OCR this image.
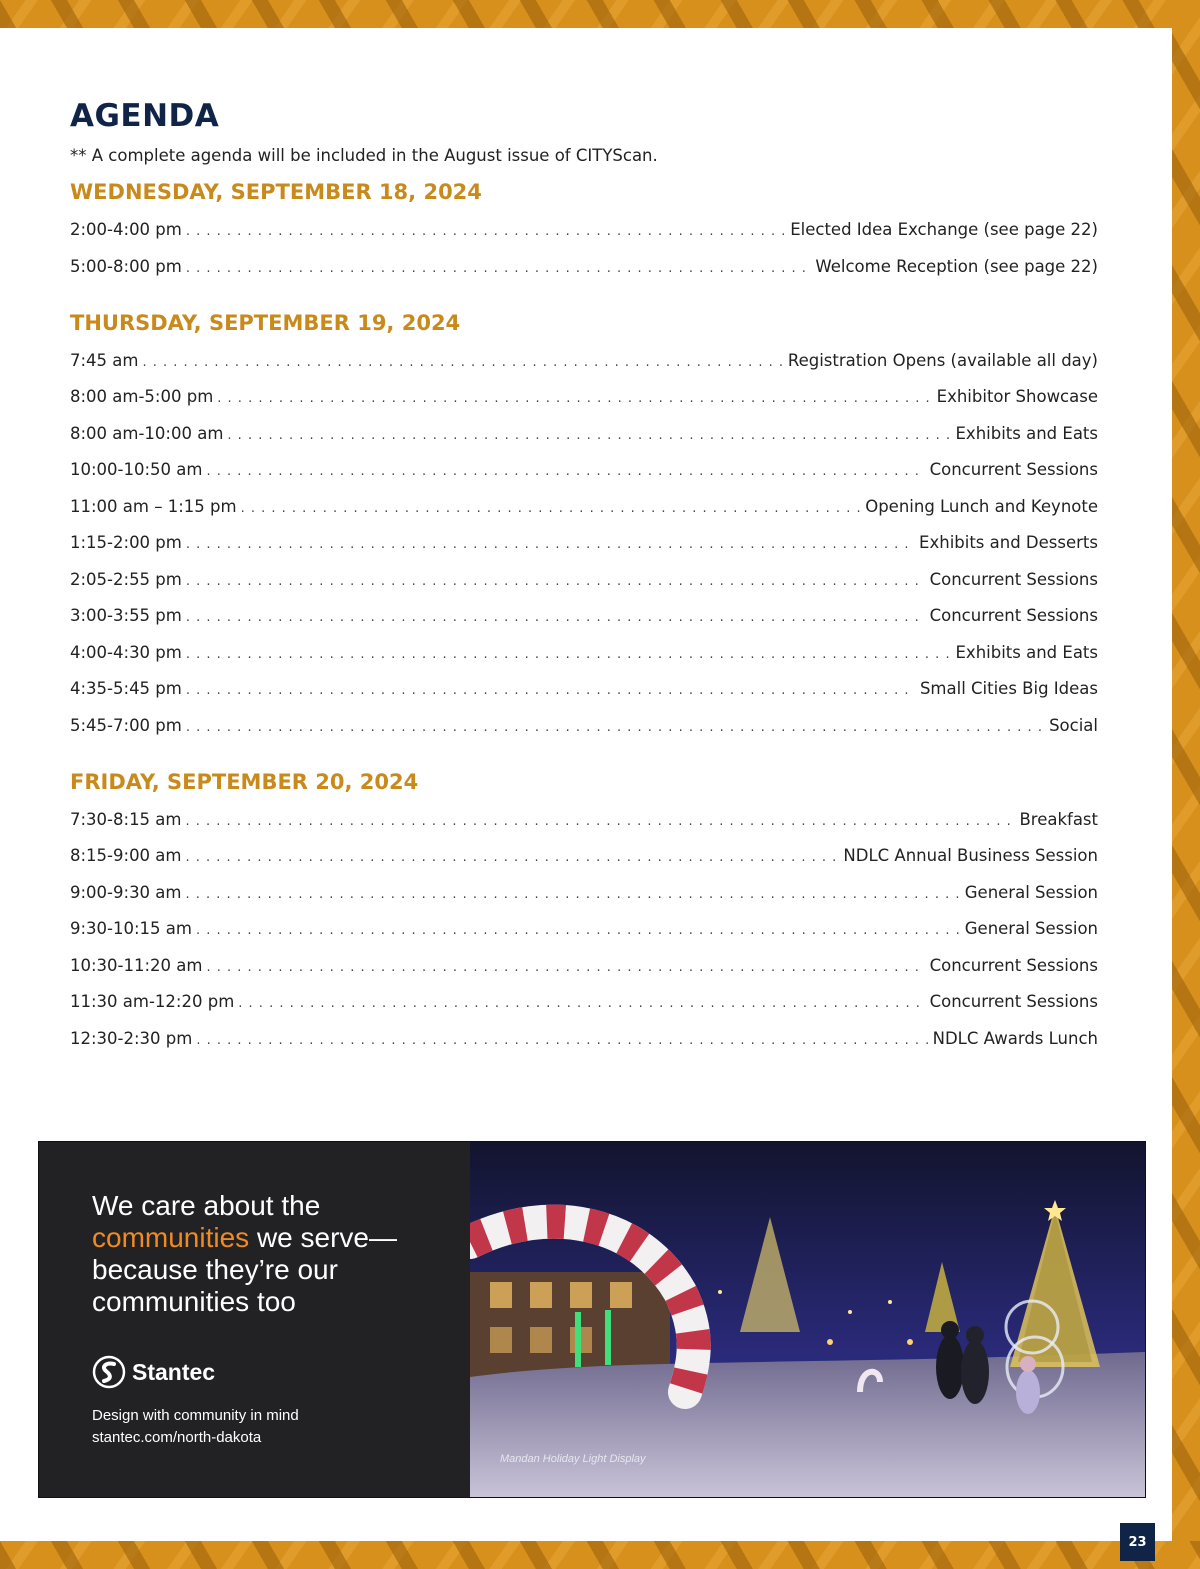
AGENDA
** A complete agenda will be included in the August issue of CITYScan.
WEDNESDAY, SEPTEMBER 18, 2024
2:00-4:00 pm . . .	Elected Idea Exchange (see page 22)
5:00-8:00 pm . . .	Welcome Reception (see page 22)
THURSDAY, SEPTEMBER 19, 2024
7:45 am . . .	Registration Opens (available all day)
8:00 am-5:00 pm . . .	Exhibitor Showcase
8:00 am-10:00 am . . .	Exhibits and Eats
10:00-10:50 am . . .	Concurrent Sessions
11:00 am – 1:15 pm . . .	Opening Lunch and Keynote
1:15-2:00 pm . . .	Exhibits and Desserts
2:05-2:55 pm . . .	Concurrent Sessions
3:00-3:55 pm . . .	Concurrent Sessions
4:00-4:30 pm . . .	Exhibits and Eats
4:35-5:45 pm . . .	Small Cities Big Ideas
5:45-7:00 pm . . .	Social
FRIDAY, SEPTEMBER 20, 2024
7:30-8:15 am . . .	Breakfast
8:15-9:00 am . . .	NDLC Annual Business Session
9:00-9:30 am . . .	General Session
9:30-10:15 am . . .	General Session
10:30-11:20 am . . .	Concurrent Sessions
11:30 am-12:20 pm . . .	Concurrent Sessions
12:30-2:30 pm . . .	NDLC Awards Lunch
We care about the
communities we serve—
because they’re our
communities too
Stantec
Design with community in mind
stantec.com/north-dakota
Mandan Holiday Light Display
23
